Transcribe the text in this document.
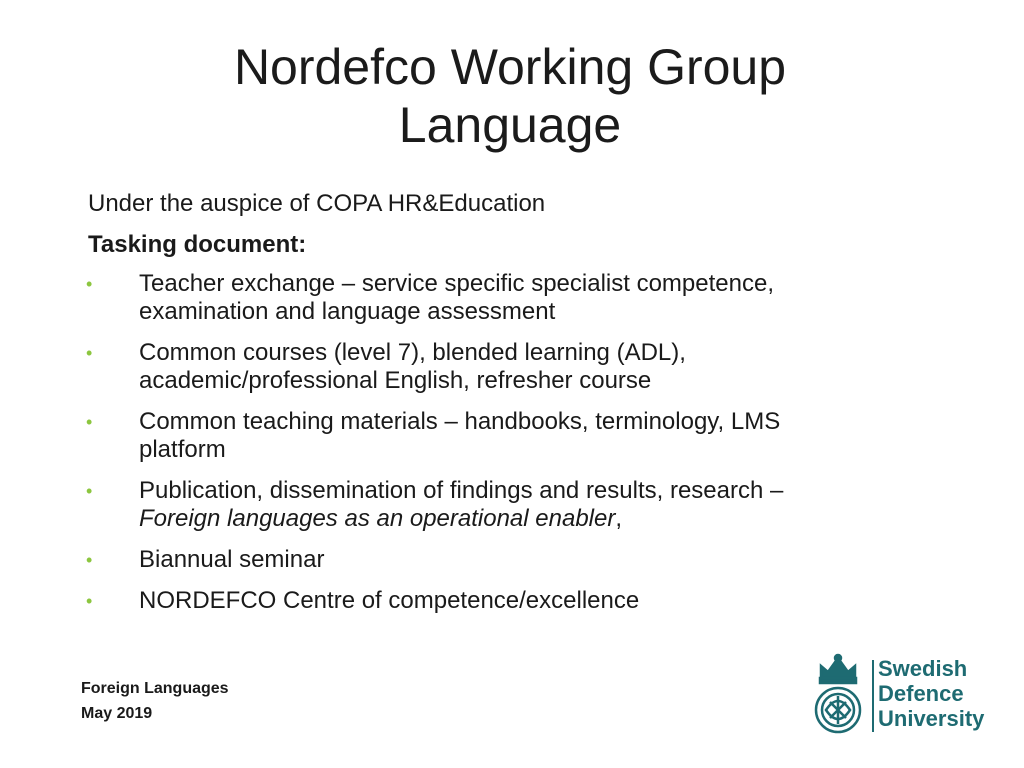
Nordefco Working Group
Language
Under the auspice of COPA HR&Education
Tasking document:
• Teacher exchange – service specific specialist competence,
examination and language assessment
• Common courses (level 7), blended learning (ADL),
academic/professional English, refresher course
• Common teaching materials – handbooks, terminology, LMS
platform
• Publication, dissemination of findings and results, research –
Foreign languages as an operational enabler,
• Biannual seminar
• NORDEFCO Centre of competence/excellence
Foreign Languages
May 2019
Swedish
Defence
University
